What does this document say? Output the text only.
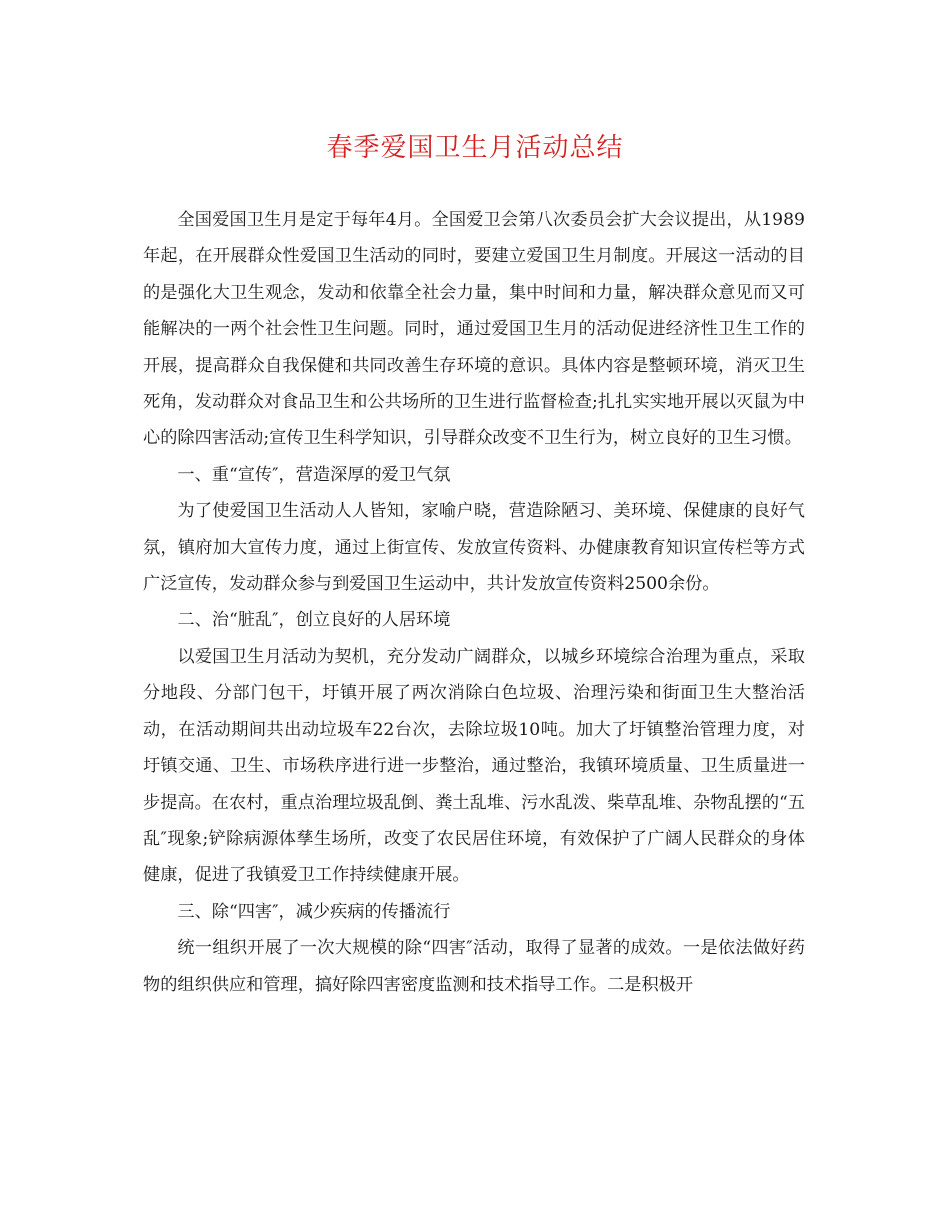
春季爱国卫生月活动总结

全国爱国卫生月是定于每年4月。全国爱卫会第八次委员会扩大会议提出，从1989年起，在开展群众性爱国卫生活动的同时，要建立爱国卫生月制度。开展这一活动的目的是强化大卫生观念，发动和依靠全社会力量，集中时间和力量，解决群众意见而又可能解决的一两个社会性卫生问题。同时，通过爱国卫生月的活动促进经济性卫生工作的开展，提高群众自我保健和共同改善生存环境的意识。具体内容是整顿环境，消灭卫生死角，发动群众对食品卫生和公共场所的卫生进行监督检查;扎扎实实地开展以灭鼠为中心的除四害活动;宣传卫生科学知识，引导群众改变不卫生行为，树立良好的卫生习惯。

一、重“宣传″，营造深厚的爱卫气氛

为了使爱国卫生活动人人皆知，家喻户晓，营造除陋习、美环境、保健康的良好气氛，镇府加大宣传力度，通过上街宣传、发放宣传资料、办健康教育知识宣传栏等方式广泛宣传，发动群众参与到爱国卫生运动中，共计发放宣传资料2500余份。

二、治“脏乱″，创立良好的人居环境

以爱国卫生月活动为契机，充分发动广阔群众，以城乡环境综合治理为重点，采取分地段、分部门包干，圩镇开展了两次消除白色垃圾、治理污染和街面卫生大整治活动，在活动期间共出动垃圾车22台次，去除垃圾10吨。加大了圩镇整治管理力度，对圩镇交通、卫生、市场秩序进行进一步整治，通过整治，我镇环境质量、卫生质量进一步提高。在农村，重点治理垃圾乱倒、粪土乱堆、污水乱泼、柴草乱堆、杂物乱摆的“五乱″现象;铲除病源体孳生场所，改变了农民居住环境，有效保护了广阔人民群众的身体健康，促进了我镇爱卫工作持续健康开展。

三、除“四害″，减少疾病的传播流行

统一组织开展了一次大规模的除“四害″活动，取得了显著的成效。一是依法做好药物的组织供应和管理，搞好除四害密度监测和技术指导工作。二是积极开
